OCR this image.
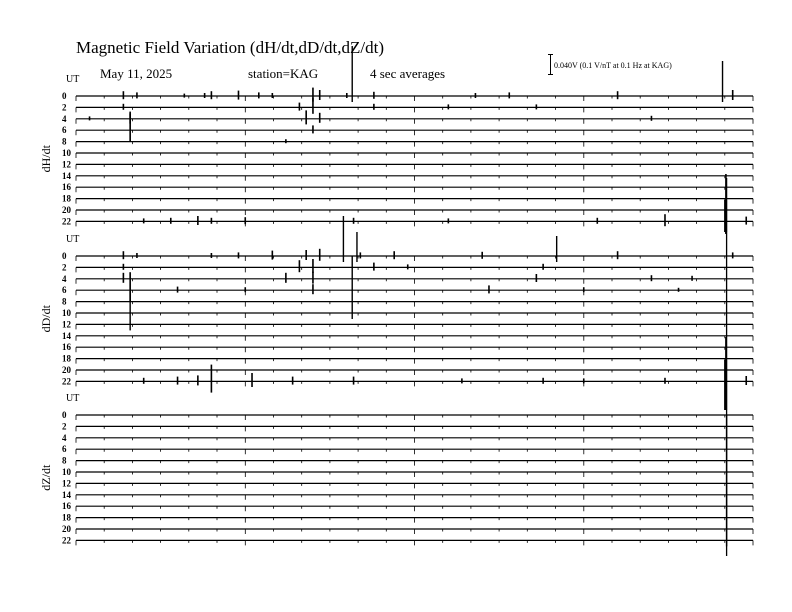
UT
0
2
4
6
8
10
12
14
16
18
20
22
dH/dt
UT
0
2
4
6
8
10
12
14
16
18
20
22
dD/dt
UT
0
2
4
6
8
10
12
14
16
18
20
22
dZ/dt
Magnetic Field Variation (dH/dt,dD/dt,dZ/dt)
May 11, 2025	station=KAG	4 sec averages
0.040V (0.1 V/nT at 0.1 Hz at KAG)
